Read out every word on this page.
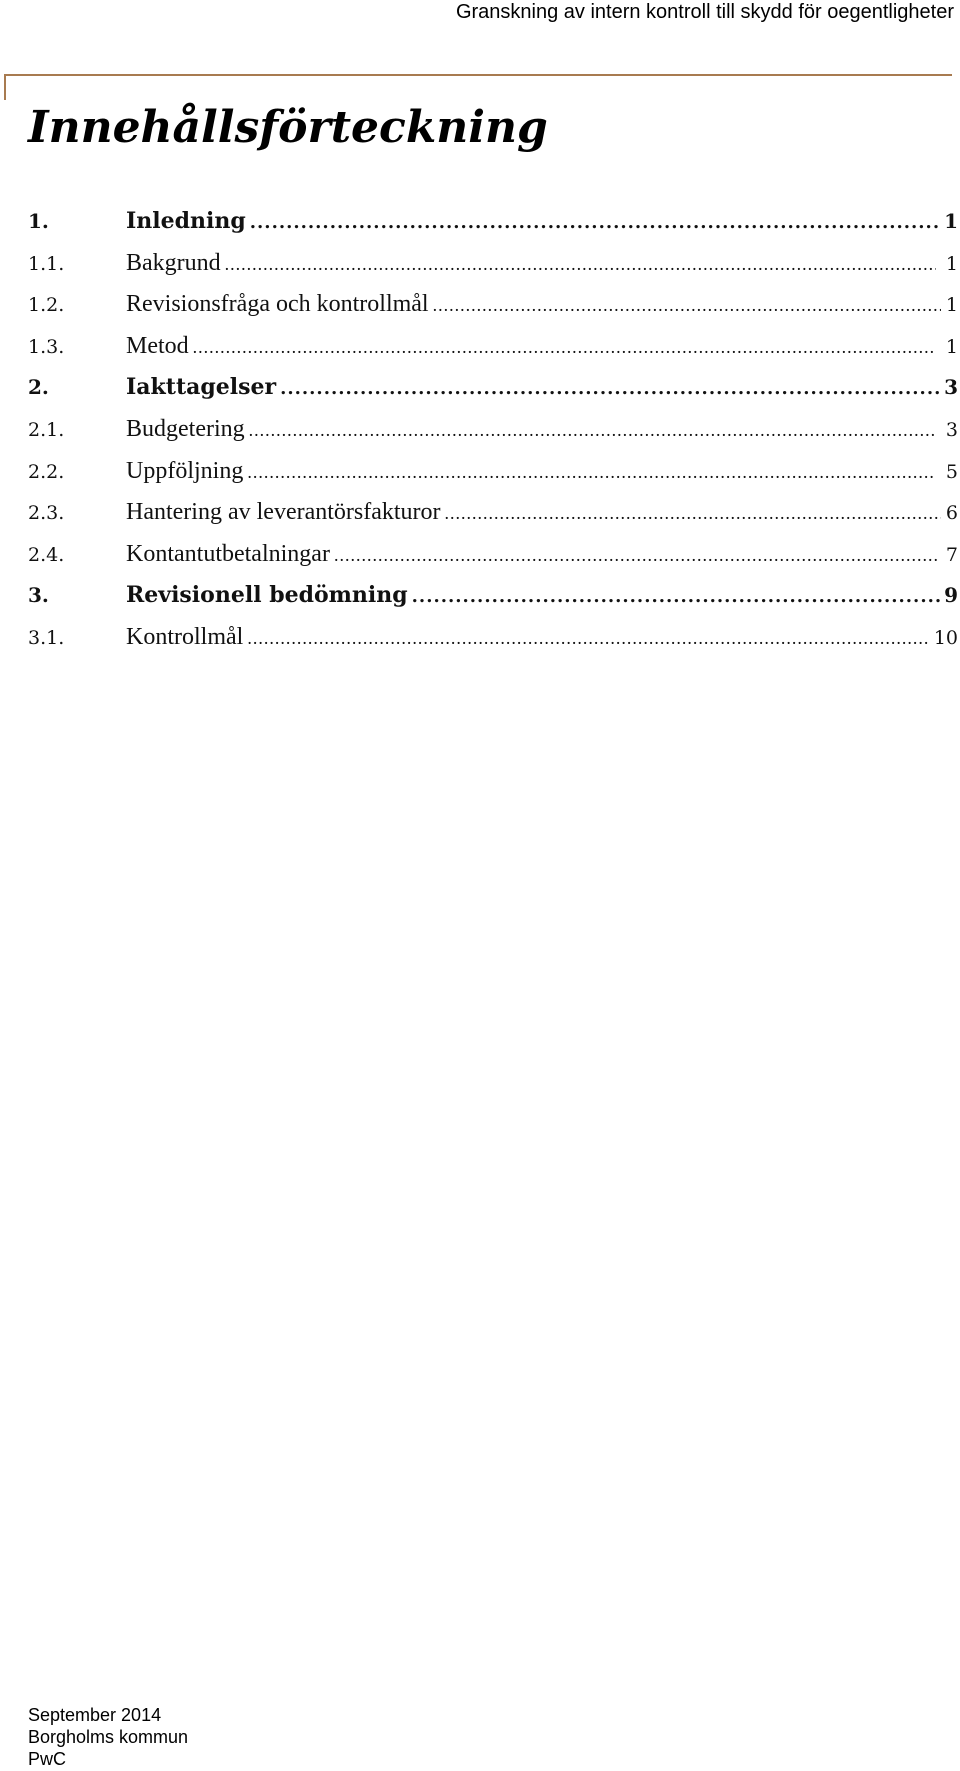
Granskning av intern kontroll till skydd för oegentligheter
Innehållsförteckning
1.	Inledning .....	1
1.1.	Bakgrund .....	1
1.2.	Revisionsfråga och kontrollmål .....	1
1.3.	Metod .....	1
2.	Iakttagelser .....	3
2.1.	Budgetering .....	3
2.2.	Uppföljning .....	5
2.3.	Hantering av leverantörsfakturor .....	6
2.4.	Kontantutbetalningar .....	7
3.	Revisionell bedömning .....	9
3.1.	Kontrollmål .....	10
September 2014
Borgholms kommun
PwC
